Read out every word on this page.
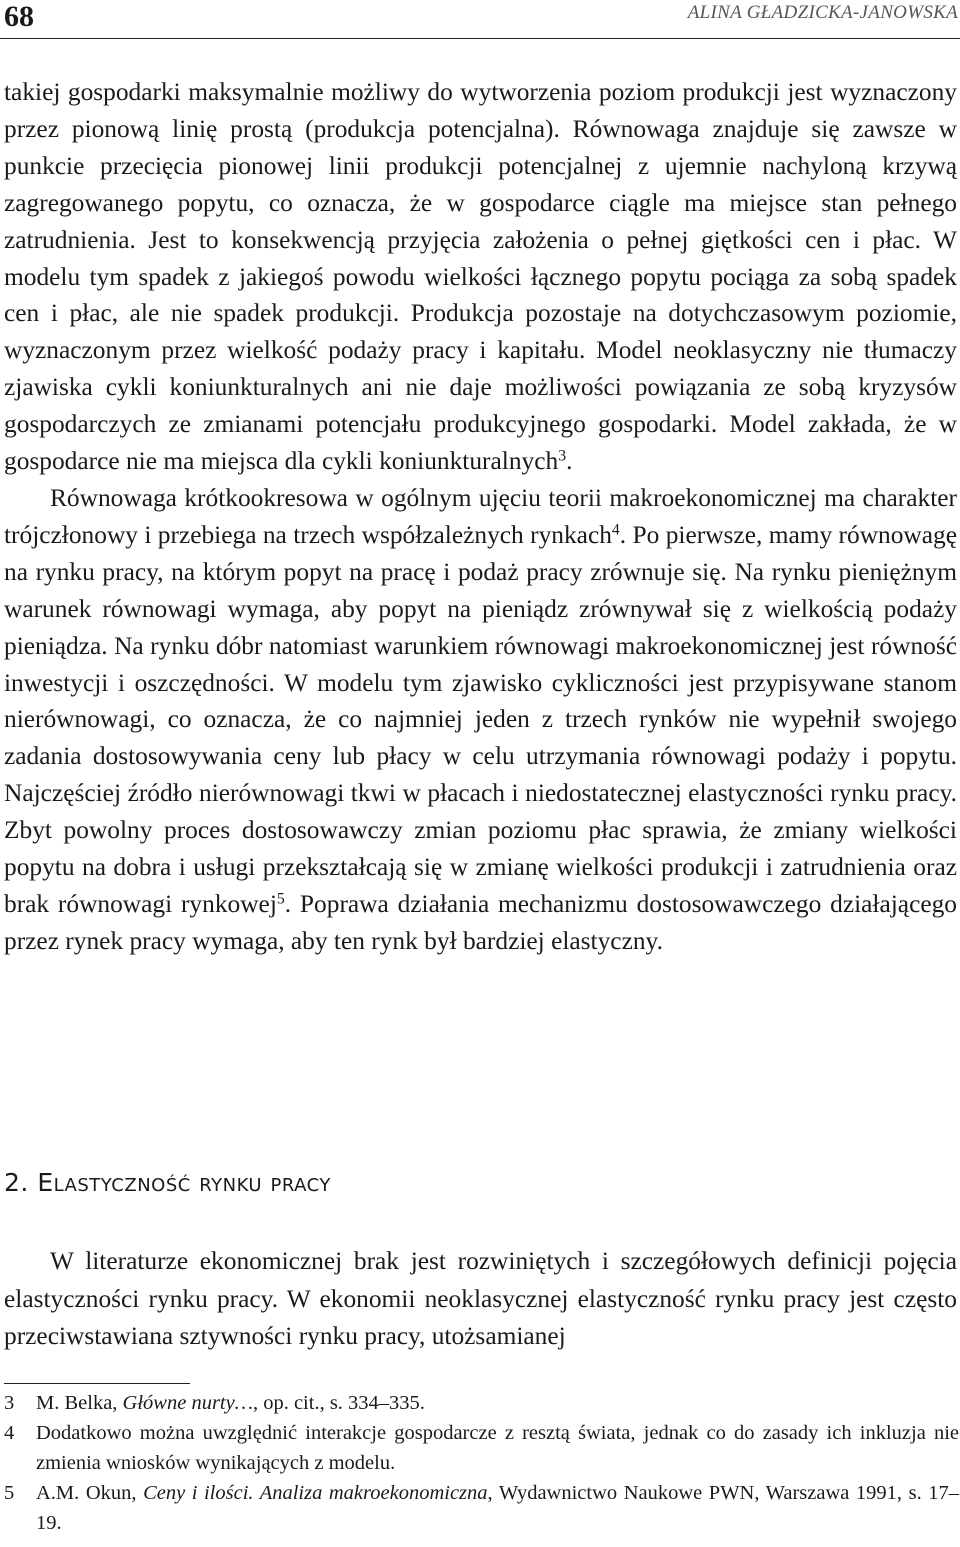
68	ALINA GŁADZICKA-JANOWSKA

takiej gospodarki maksymalnie możliwy do wytworzenia poziom produkcji jest wyznaczony przez pionową linię prostą (produkcja potencjalna). Równowaga znajduje się zawsze w punkcie przecięcia pionowej linii produkcji potencjalnej z ujemnie nachyloną krzywą zagregowanego popytu, co oznacza, że w gospodarce ciągle ma miejsce stan pełnego zatrudnienia. Jest to konsekwencją przyjęcia założenia o pełnej giętkości cen i płac. W modelu tym spadek z jakiegoś powodu wielkości łącznego popytu pociąga za sobą spadek cen i płac, ale nie spadek produkcji. Produkcja pozostaje na dotychczasowym poziomie, wyznaczonym przez wielkość podaży pracy i kapitału. Model neoklasyczny nie tłumaczy zjawiska cykli koniunkturalnych ani nie daje możliwości powiązania ze sobą kryzysów gospodarczych ze zmianami potencjału produkcyjnego gospodarki. Model zakłada, że w gospodarce nie ma miejsca dla cykli koniunkturalnych$^3$.

Równowaga krótkookresowa w ogólnym ujęciu teorii makroekonomicznej ma charakter trójczłonowy i przebiega na trzech współzależnych rynkach$^4$. Po pierwsze, mamy równowagę na rynku pracy, na którym popyt na pracę i podaż pracy zrównuje się. Na rynku pieniężnym warunek równowagi wymaga, aby popyt na pieniądz zrównywał się z wielkością podaży pieniądza. Na rynku dóbr natomiast warunkiem równowagi makroekonomicznej jest równość inwestycji i oszczędności. W modelu tym zjawisko cykliczności jest przypisywane stanom nierównowagi, co oznacza, że co najmniej jeden z trzech rynków nie wypełnił swojego zadania dostosowywania ceny lub płacy w celu utrzymania równowagi podaży i popytu. Najczęściej źródło nierównowagi tkwi w płacach i niedostatecznej elastyczności rynku pracy. Zbyt powolny proces dostosowawczy zmian poziomu płac sprawia, że zmiany wielkości popytu na dobra i usługi przekształcają się w zmianę wielkości produkcji i zatrudnienia oraz brak równowagi rynkowej$^5$. Poprawa działania mechanizmu dostosowawczego działającego przez rynek pracy wymaga, aby ten rynk był bardziej elastyczny.

2. Elastyczność rynku pracy

W literaturze ekonomicznej brak jest rozwiniętych i szczegółowych definicji pojęcia elastyczności rynku pracy. W ekonomii neoklasycznej elastyczność rynku pracy jest często przeciwstawiana sztywności rynku pracy, utożsamianej

3 M. Belka, Główne nurty…, op. cit., s. 334–335.
4 Dodatkowo można uwzględnić interakcje gospodarcze z resztą świata, jednak co do zasady ich inkluzja nie zmienia wniosków wynikających z modelu.
5 A.M. Okun, Ceny i ilości. Analiza makroekonomiczna, Wydawnictwo Naukowe PWN, Warszawa 1991, s. 17–19.
